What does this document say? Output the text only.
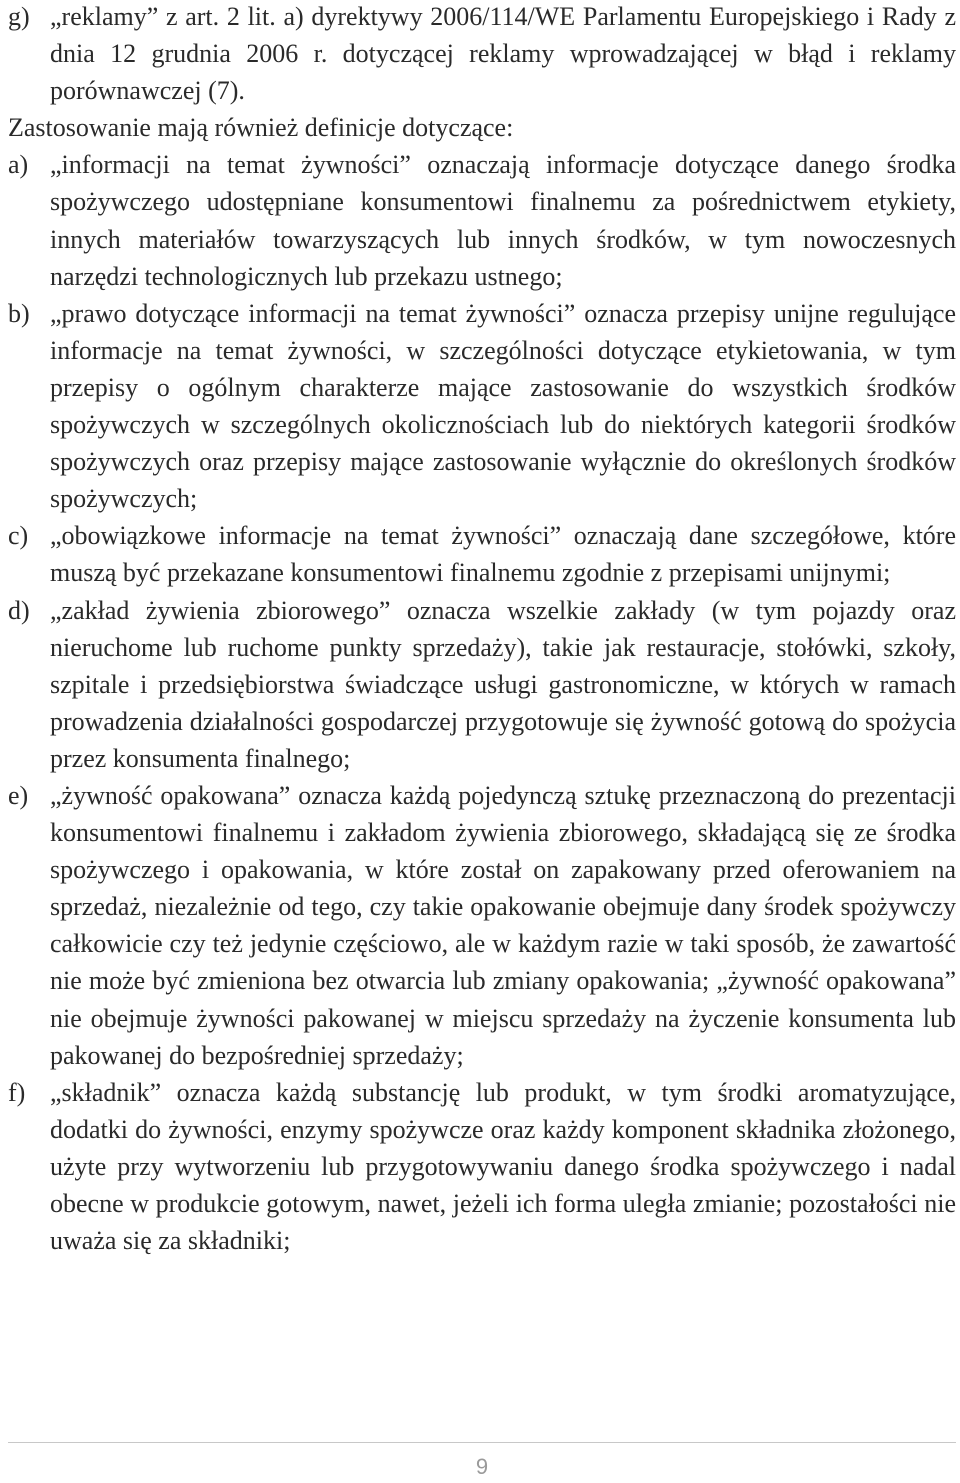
g) „reklamy” z art. 2 lit. a) dyrektywy 2006/114/WE Parlamentu Europejskiego i Rady z dnia 12 grudnia 2006 r. dotyczącej reklamy wprowadzającej w błąd i reklamy porównawczej (7).

Zastosowanie mają również definicje dotyczące:

a) „informacji na temat żywności” oznaczają informacje dotyczące danego środka spożywczego udostępniane konsumentowi finalnemu za pośrednictwem etykiety, innych materiałów towarzyszących lub innych środków, w tym nowoczesnych narzędzi technologicznych lub przekazu ustnego;
b) „prawo dotyczące informacji na temat żywności” oznacza przepisy unijne regulujące informacje na temat żywności, w szczególności dotyczące etykietowania, w tym przepisy o ogólnym charakterze mające zastosowanie do wszystkich środków spożywczych w szczególnych okolicznościach lub do niektórych kategorii środków spożywczych oraz przepisy mające zastosowanie wyłącznie do określonych środków spożywczych;
c) „obowiązkowe informacje na temat żywności” oznaczają dane szczegółowe, które muszą być przekazane konsumentowi finalnemu zgodnie z przepisami unijnymi;
d) „zakład żywienia zbiorowego” oznacza wszelkie zakłady (w tym pojazdy oraz nieruchome lub ruchome punkty sprzedaży), takie jak restauracje, stołówki, szkoły, szpitale i przedsiębiorstwa świadczące usługi gastronomiczne, w których w ramach prowadzenia działalności gospodarczej przygotowuje się żywność gotową do spożycia przez konsumenta finalnego;
e) „żywność opakowana” oznacza każdą pojedynczą sztukę przeznaczoną do prezentacji konsumentowi finalnemu i zakładom żywienia zbiorowego, składającą się ze środka spożywczego i opakowania, w które został on zapakowany przed oferowaniem na sprzedaż, niezależnie od tego, czy takie opakowanie obejmuje dany środek spożywczy całkowicie czy też jedynie częściowo, ale w każdym razie w taki sposób, że zawartość nie może być zmieniona bez otwarcia lub zmiany opakowania; „żywność opakowana” nie obejmuje żywności pakowanej w miejscu sprzedaży na życzenie konsumenta lub pakowanej do bezpośredniej sprzedaży;
f) „składnik” oznacza każdą substancję lub produkt, w tym środki aromatyzujące, dodatki do żywności, enzymy spożywcze oraz każdy komponent składnika złożonego, użyte przy wytworzeniu lub przygotowywaniu danego środka spożywczego i nadal obecne w produkcie gotowym, nawet, jeżeli ich forma uległa zmianie; pozostałości nie uważa się za składniki;
9
